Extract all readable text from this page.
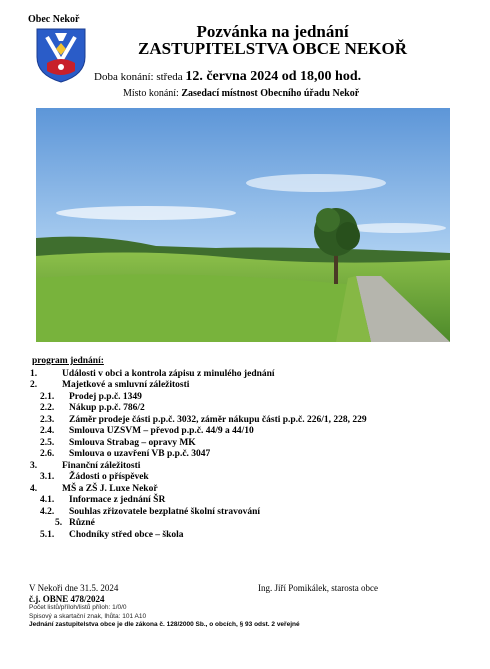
Obec Nekoř
Pozvánka na jednání
ZASTUPITELSTVA OBCE NEKOŘ
Doba konání: středa 12. června 2024 od 18,00 hod.
Místo konání: Zasedací místnost Obecního úřadu Nekoř
program jednání:
1.	Události v obci a kontrola zápisu z minulého jednání
2.	Majetkové a smluvní záležitosti
2.1. Prodej p.p.č. 1349
2.2. Nákup p.p.č. 786/2
2.3. Záměr prodeje části p.p.č. 3032, záměr nákupu části p.p.č. 226/1, 228, 229
2.4. Smlouva UZSVM – převod p.p.č. 44/9 a 44/10
2.5. Smlouva Strabag – opravy MK
2.6. Smlouva o uzavření VB p.p.č. 3047
3.	Finanční záležitosti
3.1. Žádosti o příspěvek
4.	MŠ a ZŠ J. Luxe Nekoř
4.1. Informace z jednání ŠR
4.2. Souhlas zřizovatele bezplatné školní stravování
5. Různé
5.1. Chodníky střed obce – škola
V Nekoři dne 31.5. 2024
č.j. OBNE 478/2024
Ing. Jiří Pomikálek, starosta obce
Počet listů/příloh/listů příloh: 1/0/0
Spisový a skartační znak, lhůta: 101 A10
Jednání zastupitelstva obce je dle zákona č. 128/2000 Sb., o obcích, § 93 odst. 2 veřejné
